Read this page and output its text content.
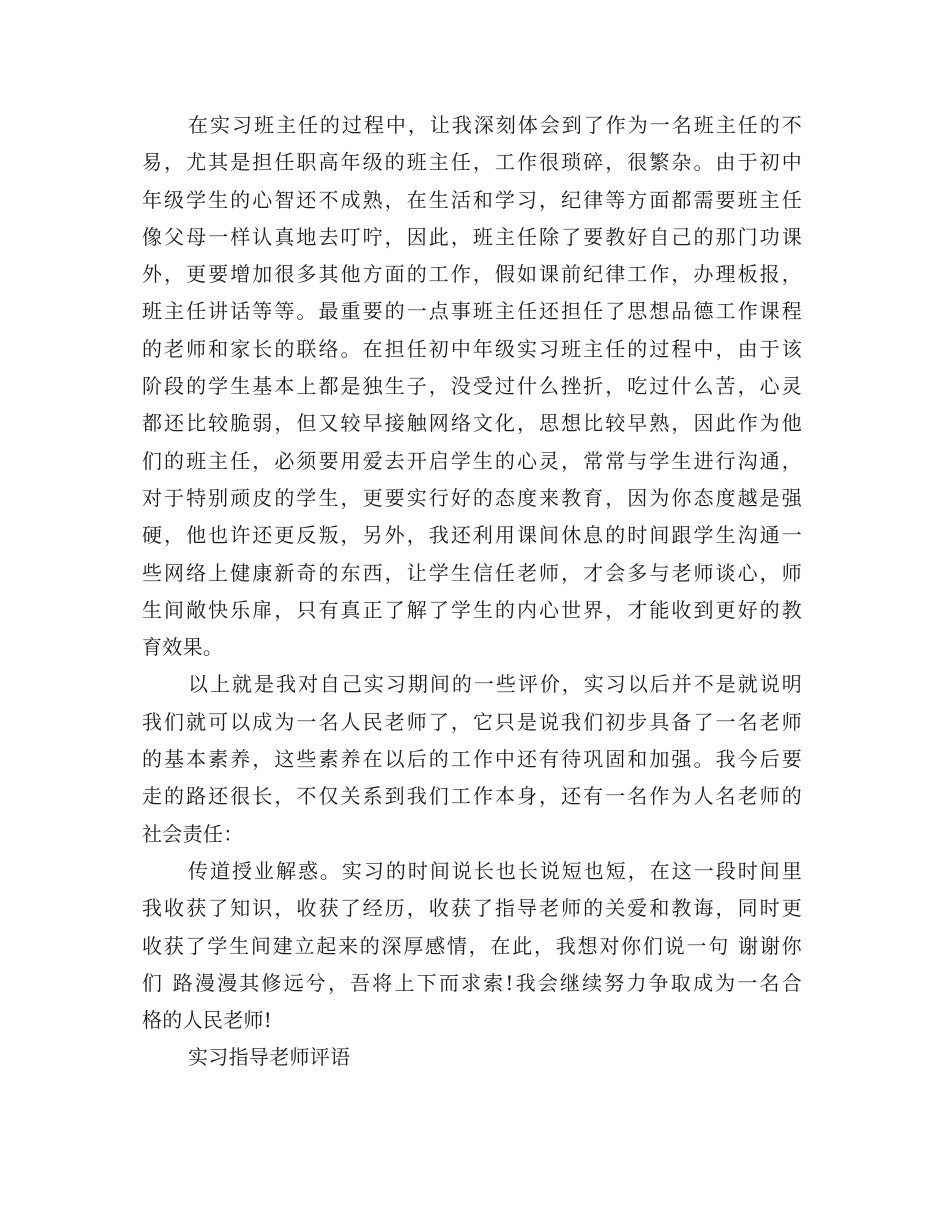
在实习班主任的过程中，让我深刻体会到了作为一名班主任的不
易，尤其是担任职高年级的班主任，工作很琐碎，很繁杂。由于初中
年级学生的心智还不成熟，在生活和学习，纪律等方面都需要班主任
像父母一样认真地去叮咛，因此，班主任除了要教好自己的那门功课
外，更要增加很多其他方面的工作，假如课前纪律工作，办理板报，
班主任讲话等等。最重要的一点事班主任还担任了思想品德工作课程
的老师和家长的联络。在担任初中年级实习班主任的过程中，由于该
阶段的学生基本上都是独生子，没受过什么挫折，吃过什么苦，心灵
都还比较脆弱，但又较早接触网络文化，思想比较早熟，因此作为他
们的班主任，必须要用爱去开启学生的心灵，常常与学生进行沟通，
对于特别顽皮的学生，更要实行好的态度来教育，因为你态度越是强
硬，他也许还更反叛，另外，我还利用课间休息的时间跟学生沟通一
些网络上健康新奇的东西，让学生信任老师，才会多与老师谈心，师
生间敞快乐扉，只有真正了解了学生的内心世界，才能收到更好的教
育效果。
以上就是我对自己实习期间的一些评价，实习以后并不是就说明
我们就可以成为一名人民老师了，它只是说我们初步具备了一名老师
的基本素养，这些素养在以后的工作中还有待巩固和加强。我今后要
走的路还很长，不仅关系到我们工作本身，还有一名作为人名老师的
社会责任：
传道授业解惑。实习的时间说长也长说短也短，在这一段时间里
我收获了知识，收获了经历，收获了指导老师的关爱和教诲，同时更
收获了学生间建立起来的深厚感情，在此，我想对你们说一句 谢谢你
们 路漫漫其修远兮，吾将上下而求索!我会继续努力争取成为一名合
格的人民老师!
实习指导老师评语
